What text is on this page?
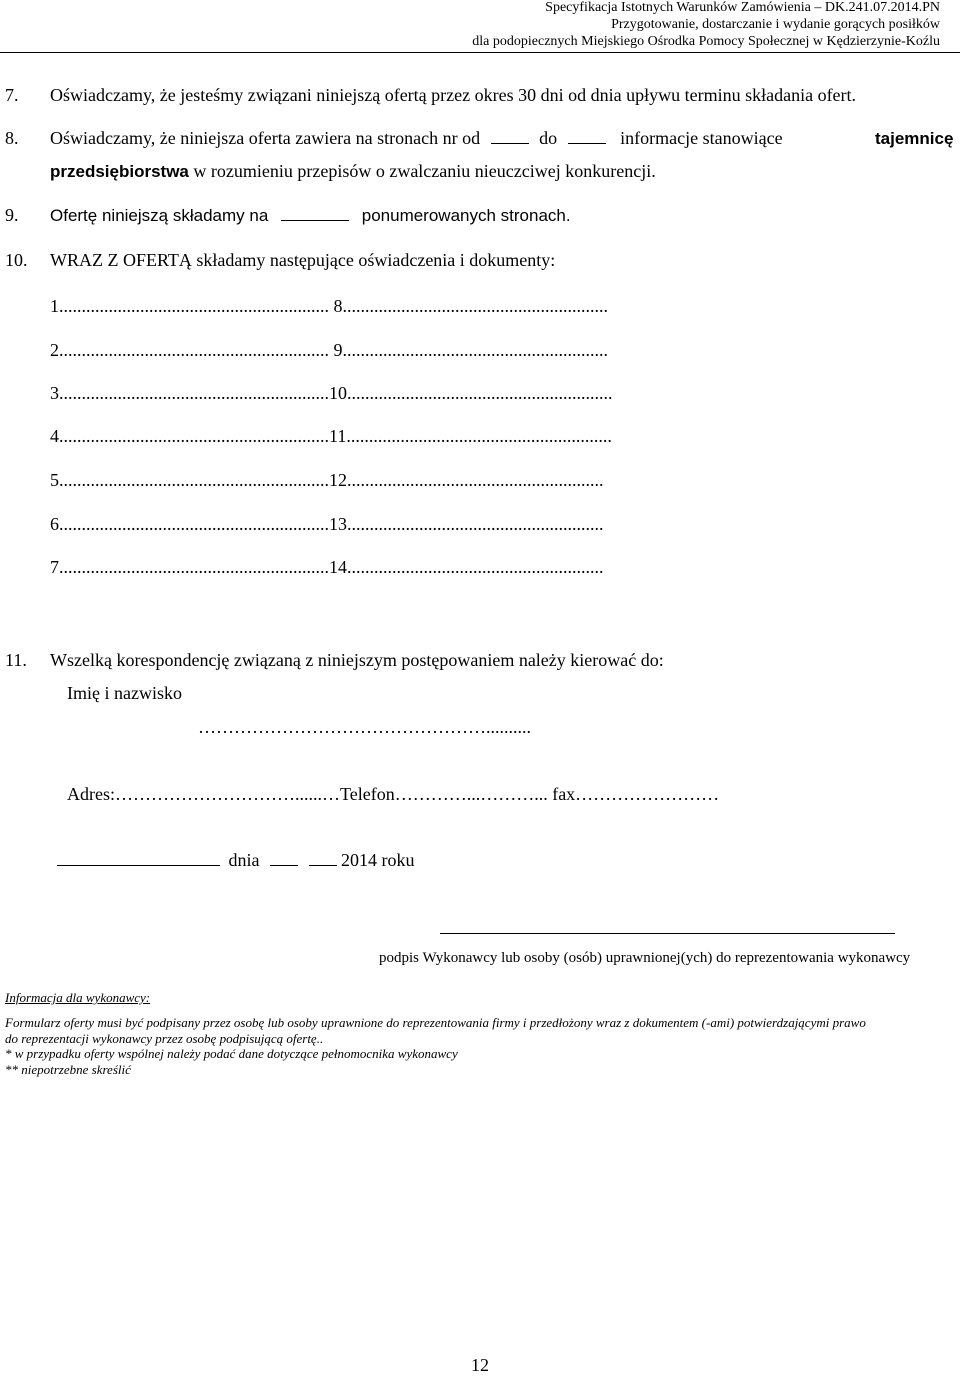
Specyfikacja Istotnych Warunków Zamówienia – DK.241.07.2014.PN
Przygotowanie, dostarczanie i wydanie gorących posiłków
dla podopiecznych Miejskiego Ośrodka Pomocy Społecznej w Kędzierzynie-Koźlu
7. Oświadczamy, że jesteśmy związani niniejszą ofertą przez okres 30 dni od dnia upływu terminu składania ofert.
8. Oświadczamy, że niniejsza oferta zawiera na stronach nr od	do	informacje stanowiące	tajemnicę
przedsiębiorstwa w rozumieniu przepisów o zwalczaniu nieuczciwej konkurencji.
9. Ofertę niniejszą składamy na	ponumerowanych stronach.
10. WRAZ Z OFERTĄ składamy następujące oświadczenia i dokumenty:
1............................................................ 8...........................................................
2............................................................ 9...........................................................
3............................................................10...........................................................
4............................................................11...........................................................
5............................................................12.........................................................
6............................................................13.........................................................
7............................................................14.........................................................
11. Wszelką korespondencję związaną z niniejszym postępowaniem należy kierować do:
Imię i nazwisko
…………………………………………..........
Adres:…………………………......…Telefon…………...………... fax……………………
dnia	2014 roku
podpis Wykonawcy lub osoby (osób) uprawnionej(ych) do reprezentowania wykonawcy
Informacja dla wykonawcy:
Formularz oferty musi być podpisany przez osobę lub osoby uprawnione do reprezentowania firmy i przedłożony wraz z dokumentem (-ami) potwierdzającymi prawo
do reprezentacji wykonawcy przez osobę podpisującą ofertę..
* w przypadku oferty wspólnej należy podać dane dotyczące pełnomocnika wykonawcy
** niepotrzebne skreślić
12
